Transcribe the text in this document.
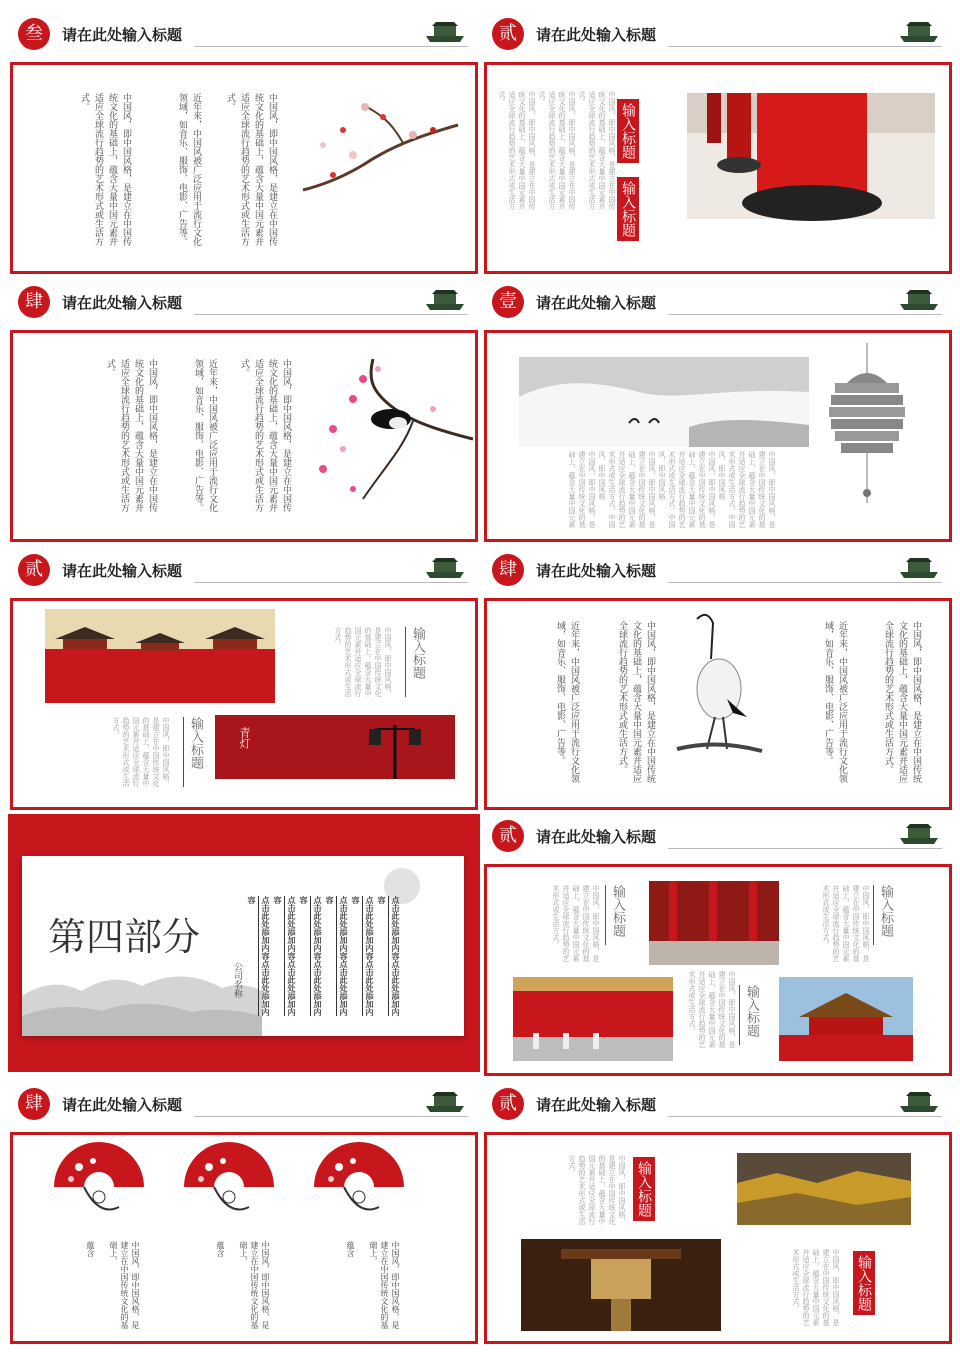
叁	请在此处输入标题
中国风，即中国风格，是建立在中国传统文化的基础上，蕴含大量中国元素并适应全球流行趋势的艺术形式或生活方式。
近年来，中国风被广泛应用于流行文化领域，如音乐、服饰、电影、广告等。
中国风，即中国风格，是建立在中国传统文化的基础上，蕴含大量中国元素并适应全球流行趋势的艺术形式或生活方式。
贰	请在此处输入标题
中国风，即中国风格，是建立在中国传统文化的基础上，蕴含大量中国元素并适应全球流行趋势的艺术形式或生活方式。
中国风，即中国风格，是建立在中国传统文化的基础上，蕴含大量中国元素并适应全球流行趋势的艺术形式或生活方式。
中国风，即中国风格，是建立在中国传统文化的基础上，蕴含大量中国元素并适应全球流行趋势的艺术形式或生活方式。
输入标题
输入标题
肆	请在此处输入标题
中国风，即中国风格，是建立在中国传统文化的基础上，蕴含大量中国元素并适应全球流行趋势的艺术形式或生活方式。
近年来，中国风被广泛应用于流行文化领域，如音乐、服饰、电影、广告等。
中国风，即中国风格，是建立在中国传统文化的基础上，蕴含大量中国元素并适应全球流行趋势的艺术形式或生活方式。
壹	请在此处输入标题
中国风，即中国风格，是建立在中国传统文化的基础上，蕴含大量中国元素
并适应全球流行趋势的艺术形式或生活方式。中国风，即中国风格
中国风，即中国风格，是建立在中国传统文化的基础上，蕴含大量中国元素
并适应全球流行趋势的艺术形式或生活方式。中国风，即中国风格
中国风，即中国风格，是建立在中国传统文化的基础上，蕴含大量中国元素
并适应全球流行趋势的艺术形式或生活方式。中国风，即中国风格
中国风，即中国风格，是建立在中国传统文化的基础上，蕴含大量中国元素
贰	请在此处输入标题
输入标题
中国风，即中国风格，是建立在中国传统文化的基础上，蕴含大量中国元素并适应全球流行趋势的艺术形式或生活方式。
输入标题
中国风，即中国风格，是建立在中国传统文化的基础上，蕴含大量中国元素并适应全球流行趋势的艺术形式或生活方式。	青灯
肆	请在此处输入标题
中国风，即中国风格，是建立在中国传统文化的基础上，蕴含大量中国元素并适应全球流行趋势的艺术形式或生活方式。
近年来，中国风被广泛应用于流行文化领域，如音乐、服饰、电影、广告等。
中国风，即中国风格，是建立在中国传统文化的基础上，蕴含大量中国元素并适应全球流行趋势的艺术形式或生活方式。
近年来，中国风被广泛应用于流行文化领域，如音乐、服饰、电影、广告等。
第四部分
公司名称	点击此处添加内容点击此处添加内容	点击此处添加内容点击此处添加内容	点击此处添加内容点击此处添加内容	点击此处添加内容点击此处添加内容	点击此处添加内容点击此处添加内容	点击此处添加内容点击此处添加内容
贰	请在此处输入标题
输入标题
中国风，即中国风格，是建立在中国传统文化的基础上，蕴含大量中国元素并适应全球流行趋势的艺术形式或生活方式。	输入标题
中国风，即中国风格，是建立在中国传统文化的基础上，蕴含大量中国元素并适应全球流行趋势的艺术形式或生活方式。
输入标题
中国风，即中国风格，是建立在中国传统文化的基础上，蕴含大量中国元素并适应全球流行趋势的艺术形式或生活方式。
肆	请在此处输入标题
中国风，即中国风格，是建立在中国传统文化的基础上，
蕴含	中国风，即中国风格，是建立在中国传统文化的基础上，
蕴含	中国风，即中国风格，是建立在中国传统文化的基础上，
蕴含
贰	请在此处输入标题
中国风，即中国风格，是建立在中国传统文化的基础上，蕴含大量中国元素并适应全球流行趋势的艺术形式或生活方式。	输入标题
中国风，即中国风格，是建立在中国传统文化的基础上，蕴含大量中国元素并适应全球流行趋势的艺术形式或生活方式。	输入标题
